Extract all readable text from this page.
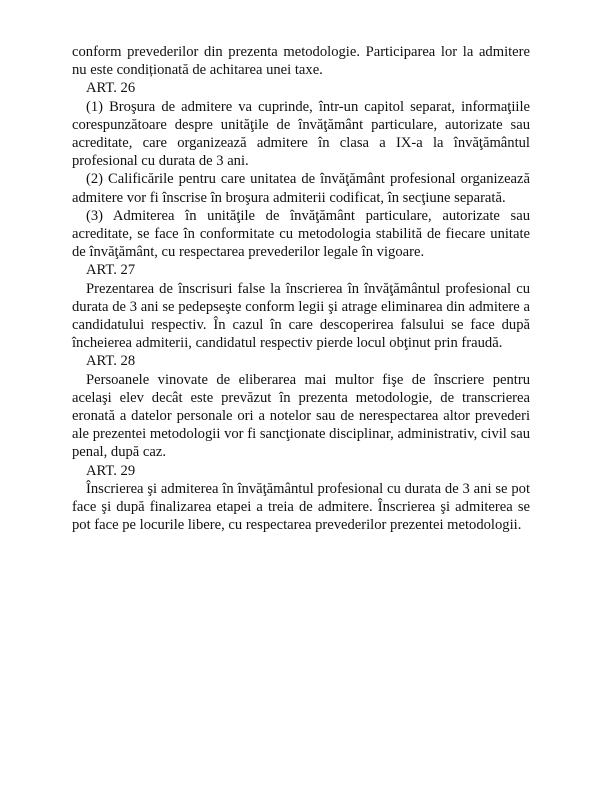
conform prevederilor din prezenta metodologie. Participarea lor la admitere nu este condiționată de achitarea unei taxe.

ART. 26

(1) Broşura de admitere va cuprinde, într-un capitol separat, informaţiile corespunzătoare despre unităţile de învăţământ particulare, autorizate sau acreditate, care organizează admitere în clasa a IX-a la învăţământul profesional cu durata de 3 ani.

(2) Calificările pentru care unitatea de învăţământ profesional organizează admitere vor fi înscrise în broşura admiterii codificat, în secţiune separată.

(3) Admiterea în unităţile de învăţământ particulare, autorizate sau acreditate, se face în conformitate cu metodologia stabilită de fiecare unitate de învăţământ, cu respectarea prevederilor legale în vigoare.

ART. 27

Prezentarea de înscrisuri false la înscrierea în învăţământul profesional cu durata de 3 ani se pedepseşte conform legii şi atrage eliminarea din admitere a candidatului respectiv. În cazul în care descoperirea falsului se face după încheierea admiterii, candidatul respectiv pierde locul obţinut prin fraudă.

ART. 28

Persoanele vinovate de eliberarea mai multor fişe de înscriere pentru acelaşi elev decât este prevăzut în prezenta metodologie, de transcrierea eronată a datelor personale ori a notelor sau de nerespectarea altor prevederi ale prezentei metodologii vor fi sancţionate disciplinar, administrativ, civil sau penal, după caz.

ART. 29

Înscrierea şi admiterea în învăţământul profesional cu durata de 3 ani se pot face şi după finalizarea etapei a treia de admitere. Înscrierea şi admiterea se pot face pe locurile libere, cu respectarea prevederilor prezentei metodologii.
